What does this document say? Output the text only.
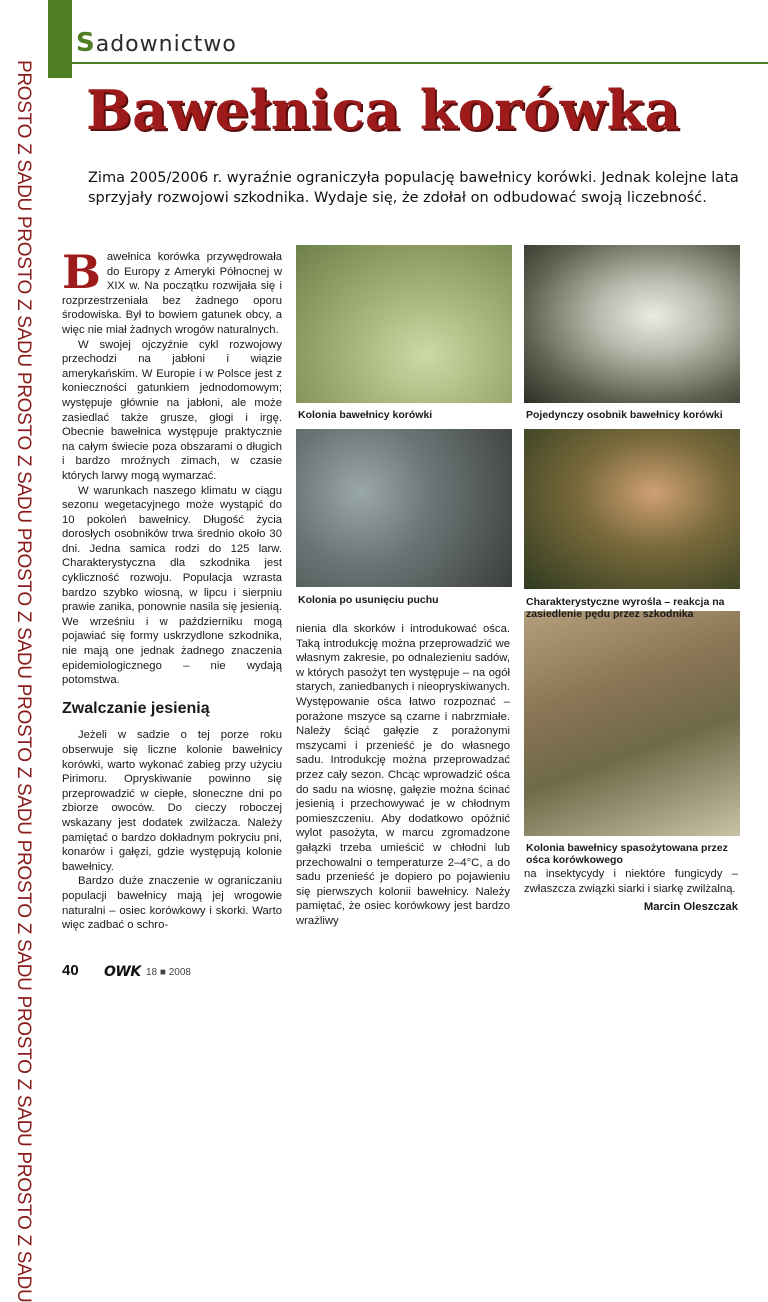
PROSTO Z SADU PROSTO Z SADU PROSTO Z SADU PROSTO Z SADU PROSTO Z SADU PROSTO Z SADU PROSTO Z SADU PROSTO Z SADU
Sadownictwo
Bawełnica korówka
Zima 2005/2006 r. wyraźnie ograniczyła populację bawełnicy korówki. Jednak kolejne lata sprzyjały rozwojowi szkodnika. Wydaje się, że zdołał on odbudować swoją liczebność.
B awełnica korówka przywędrowała do Europy z Ameryki Północnej w XIX w. Na początku rozwijała się i rozprzestrzeniała bez żadnego oporu środowiska. Był to bowiem gatunek obcy, a więc nie miał żadnych wrogów naturalnych.

W swojej ojczyźnie cykl rozwojowy przechodzi na jabłoni i wiązie amerykańskim. W Europie i w Polsce jest z konieczności gatunkiem jednodomowym; występuje głównie na jabłoni, ale może zasiedlać także grusze, głogi i irgę. Obecnie bawełnica występuje praktycznie na całym świecie poza obszarami o długich i bardzo mroźnych zimach, w czasie których larwy mogą wymarzać.

W warunkach naszego klimatu w ciągu sezonu wegetacyjnego może wystąpić do 10 pokoleń bawełnicy. Długość życia dorosłych osobników trwa średnio około 30 dni. Jedna samica rodzi do 125 larw. Charakterystyczna dla szkodnika jest cykliczność rozwoju. Populacja wzrasta bardzo szybko wiosną, w lipcu i sierpniu prawie zanika, ponownie nasila się jesienią. We wrześniu i w październiku mogą pojawiać się formy uskrzydlone szkodnika, nie mają one jednak żadnego znaczenia epidemiologicznego – nie wydają potomstwa.

Zwalczanie jesienią

Jeżeli w sadzie o tej porze roku obserwuje się liczne kolonie bawełnicy korówki, warto wykonać zabieg przy użyciu Pirimoru. Opryskiwanie powinno się przeprowadzić w ciepłe, słoneczne dni po zbiorze owoców. Do cieczy roboczej wskazany jest dodatek zwilżacza. Należy pamiętać o bardzo dokładnym pokryciu pni, konarów i gałęzi, gdzie występują kolonie bawełnicy.

Bardzo duże znaczenie w ograniczaniu populacji bawełnicy mają jej wrogowie naturalni – osiec korówkowy i skorki. Warto więc zadbać o schro-

Kolonia bawełnicy korówki	Pojedynczy osobnik bawełnicy korówki
Kolonia po usunięciu puchu	Charakterystyczne wyrośla – reakcja na zasiedlenie pędu przez szkodnika
Kolonia bawełnicy spasożytowana przez ośca korówkowego

nienia dla skorków i introdukować ośca. Taką introdukcję można przeprowadzić we własnym zakresie, po odnalezieniu sadów, w których pasożyt ten występuje – na ogół starych, zaniedbanych i nieopryskiwanych. Występowanie ośca łatwo rozpoznać – porażone mszyce są czarne i nabrzmiałe. Należy ściąć gałęzie z porażonymi mszycami i przenieść je do własnego sadu. Introdukcję można przeprowadzać przez cały sezon. Chcąc wprowadzić ośca do sadu na wiosnę, gałęzie można ścinać jesienią i przechowywać je w chłodnym pomieszczeniu. Aby dodatkowo opóźnić wylot pasożyta, w marcu zgromadzone gałązki trzeba umieścić w chłodni lub przechowalni o temperaturze 2–4°C, a do sadu przenieść je dopiero po pojawieniu się pierwszych kolonii bawełnicy. Należy pamiętać, że osiec korówkowy jest bardzo wrażliwy

na insektycydy i niektóre fungicydy – zwłaszcza związki siarki i siarkę zwilżalną.

Marcin Oleszczak
40 OWK 18 ■ 2008
